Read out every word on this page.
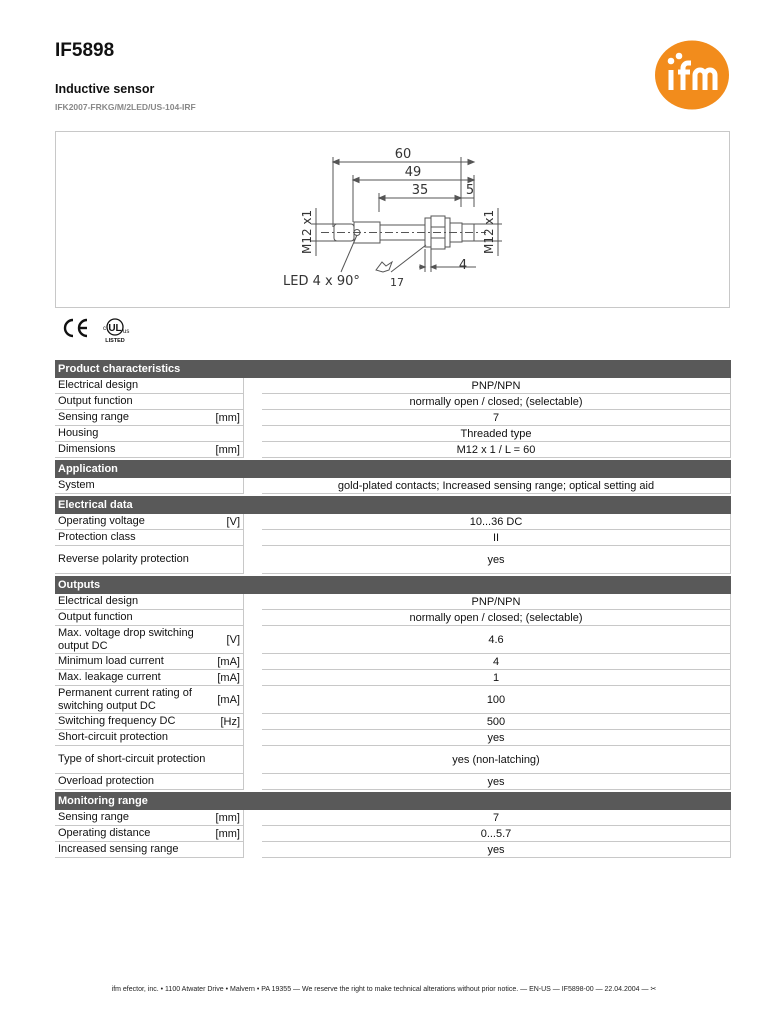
IF5898
Inductive sensor
IFK2007-FRKG/M/2LED/US-104-IRF
60
49
35	5
4
17
LED 4 x 90°
M12 x1	M12 x1
UL
c	us
LISTED
CE
Product characteristics			
Electrical design			PNP/NPN
Output function			normally open / closed; (selectable)
Sensing range	[mm]		7
Housing			Threaded type
Dimensions	[mm]		M12 x 1 / L = 60
Application			
System			gold-plated contacts; Increased sensing range; optical setting aid
Electrical data			
Operating voltage	[V]		10...36 DC
Protection class			II
Reverse polarity protection			yes
Outputs			
Electrical design			PNP/NPN
Output function			normally open / closed; (selectable)
Max. voltage drop switching output DC	[V]		4.6
Minimum load current	[mA]		4
Max. leakage current	[mA]		1
Permanent current rating of switching output DC	[mA]		100
Switching frequency DC	[Hz]		500
Short-circuit protection			yes
Type of short-circuit protection			yes (non-latching)
Overload protection			yes
Monitoring range			
Sensing range	[mm]		7
Operating distance	[mm]		0...5.7
Increased sensing range			yes
ifm efector, inc. • 1100 Atwater Drive • Malvern • PA 19355 — We reserve the right to make technical alterations without prior notice. — EN-US — IF5898-00 — 22.04.2004 — ✂
